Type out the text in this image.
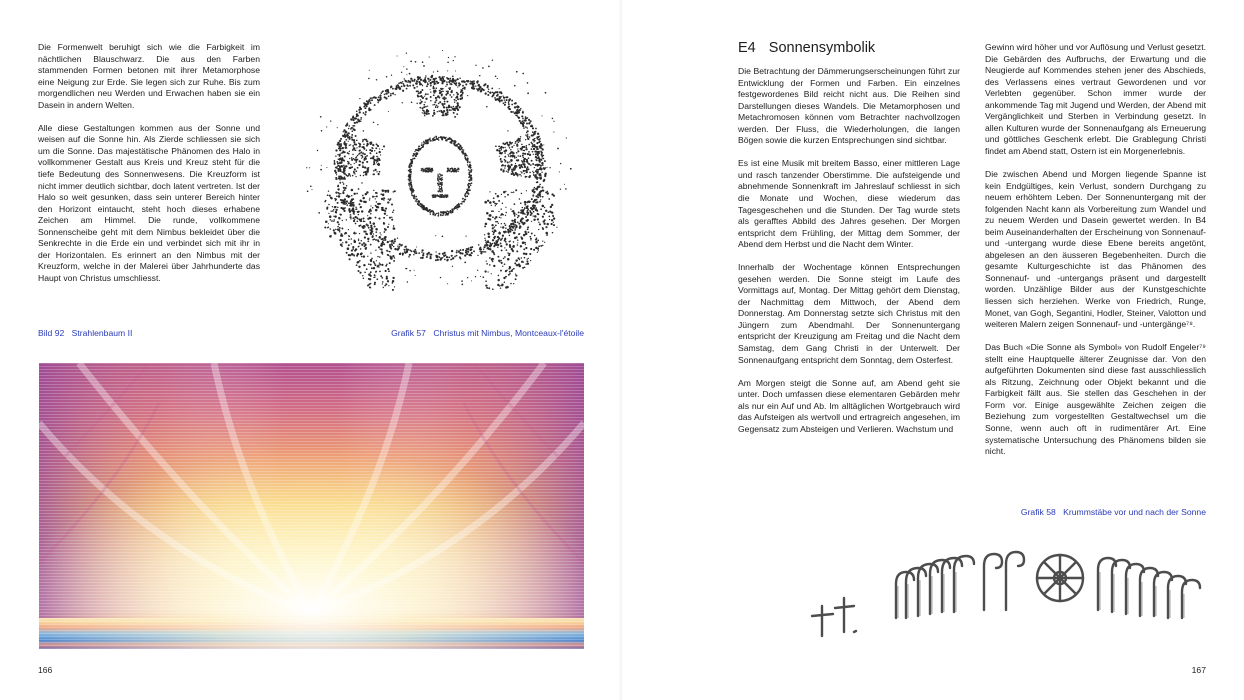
Die Formenwelt beruhigt sich wie die Farbigkeit im nächtlichen Blauschwarz. Die aus den Farben stammenden Formen betonen mit ihrer Metamorphose eine Neigung zur Erde. Sie legen sich zur Ruhe. Bis zum morgendlichen neu Werden und Erwachen haben sie ein Dasein in andern Welten.

Alle diese Gestaltungen kommen aus der Sonne und weisen auf die Sonne hin. Als Zierde schliessen sie sich um die Sonne. Das majestätische Phänomen des Halo in vollkommener Gestalt aus Kreis und Kreuz steht für die tiefe Bedeutung des Sonnenwesens. Die Kreuzform ist nicht immer deutlich sichtbar, doch latent vertreten. Ist der Halo so weit gesunken, dass sein unterer Bereich hinter den Horizont eintaucht, steht hoch dieses erhabene Zeichen am Himmel. Die runde, vollkommene Sonnenscheibe geht mit dem Nimbus bekleidet über die Senkrechte in die Erde ein und verbindet sich mit ihr in der Horizontalen. Es erinnert an den Nimbus mit der Kreuzform, welche in der Malerei über Jahrhunderte das Haupt von Christus umschliesst.

Bild 92 Strahlenbaum II	Grafik 57 Christus mit Nimbus, Montceaux-l'étoile
166
E4 Sonnensymbolik

Die Betrachtung der Dämmerungserscheinungen führt zur Entwicklung der Formen und Farben. Ein einzelnes festgewordenes Bild reicht nicht aus. Die Reihen sind Darstellungen dieses Wandels. Die Metamorphosen und Metachromosen können vom Betrachter nachvollzogen werden. Der Fluss, die Wiederholungen, die langen Bögen sowie die kurzen Entsprechungen sind sichtbar.

Es ist eine Musik mit breitem Basso, einer mittleren Lage und rasch tanzender Oberstimme. Die aufsteigende und abnehmende Sonnenkraft im Jahreslauf schliesst in sich die Monate und Wochen, diese wiederum das Tagesgeschehen und die Stunden. Der Tag wurde stets als gerafftes Abbild des Jahres gesehen. Der Morgen entspricht dem Frühling, der Mittag dem Sommer, der Abend dem Herbst und die Nacht dem Winter.

Innerhalb der Wochentage können Entsprechungen gesehen werden. Die Sonne steigt im Laufe des Vormittags auf, Montag. Der Mittag gehört dem Dienstag, der Nachmittag dem Mittwoch, der Abend dem Donnerstag. Am Donnerstag setzte sich Christus mit den Jüngern zum Abendmahl. Der Sonnenuntergang entspricht der Kreuzigung am Freitag und die Nacht dem Samstag, dem Gang Christi in der Unterwelt. Der Sonnenaufgang entspricht dem Sonntag, dem Osterfest.

Am Morgen steigt die Sonne auf, am Abend geht sie unter. Doch umfassen diese elementaren Gebärden mehr als nur ein Auf und Ab. Im alltäglichen Wortgebrauch wird das Aufsteigen als wertvoll und ertragreich angesehen, im Gegensatz zum Absteigen und Verlieren. Wachstum und

Gewinn wird höher und vor Auflösung und Verlust gesetzt. Die Gebärden des Aufbruchs, der Erwartung und die Neugierde auf Kommendes stehen jener des Abschieds, des Verlassens eines vertraut Gewordenen und vor Verlebten gegenüber. Schon immer wurde der ankommende Tag mit Jugend und Werden, der Abend mit Vergänglichkeit und Sterben in Verbindung gesetzt. In allen Kulturen wurde der Sonnenaufgang als Erneuerung und göttliches Geschenk erlebt. Die Grablegung Christi findet am Abend statt, Ostern ist ein Morgenerlebnis.

Die zwischen Abend und Morgen liegende Spanne ist kein Endgültiges, kein Verlust, sondern Durchgang zu neuem erhöhtem Leben. Der Sonnenuntergang mit der folgenden Nacht kann als Vorbereitung zum Wandel und zu neuem Werden und Dasein gewertet werden. In B4 beim Auseinanderhalten der Erscheinung von Sonnenauf- und -untergang wurde diese Ebene bereits angetönt, abgelesen an den äusseren Begebenheiten. Durch die gesamte Kulturgeschichte ist das Phänomen des Sonnenauf- und -untergangs präsent und dargestellt worden. Unzählige Bilder aus der Kunstgeschichte liessen sich herziehen. Werke von Friedrich, Runge, Monet, van Gogh, Segantini, Hodler, Steiner, Valotton und weiteren Malern zeigen Sonnenauf- und -untergänge⁷⁸.

Das Buch «Die Sonne als Symbol» von Rudolf Engeler⁷⁹ stellt eine Hauptquelle älterer Zeugnisse dar. Von den aufgeführten Dokumenten sind diese fast ausschliesslich als Ritzung, Zeichnung oder Objekt bekannt und die Farbigkeit fällt aus. Sie stellen das Geschehen in der Form vor. Einige ausgewählte Zeichen zeigen die Beziehung zum vorgestellten Gestaltwechsel um die Sonne, wenn auch oft in rudimentärer Art. Eine systematische Untersuchung des Phänomens bilden sie nicht.

Grafik 58 Krummstäbe vor und nach der Sonne
167
